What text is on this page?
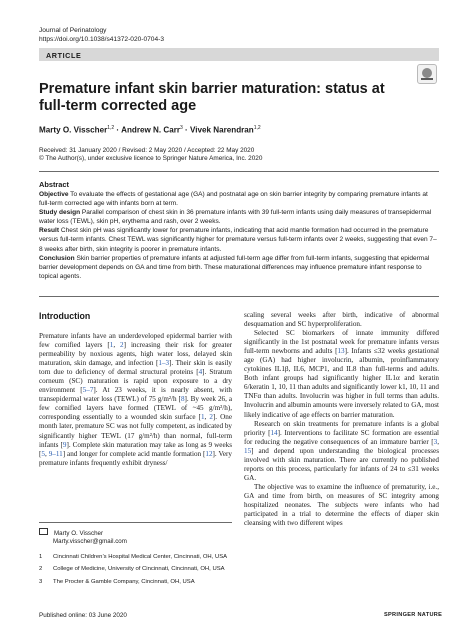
Journal of Perinatology
https://doi.org/10.1038/s41372-020-0704-3
ARTICLE
Premature infant skin barrier maturation: status at full-term corrected age
Marty O. Visscher$^{1,2}$ · Andrew N. Carr$^3$ · Vivek Narendran$^{1,2}$
Received: 31 January 2020 / Revised: 2 May 2020 / Accepted: 22 May 2020
© The Author(s), under exclusive licence to Springer Nature America, Inc. 2020
Abstract

Objective To evaluate the effects of gestational age (GA) and postnatal age on skin barrier integrity by comparing premature infants at full-term corrected age with infants born at term.

Study design Parallel comparison of chest skin in 36 premature infants with 39 full-term infants using daily measures of transepidermal water loss (TEWL), skin pH, erythema and rash, over 2 weeks.

Result Chest skin pH was significantly lower for premature infants, indicating that acid mantle formation had occurred in the premature versus full-term infants. Chest TEWL was significantly higher for premature versus full-term infants over 2 weeks, suggesting that even 7–8 weeks after birth, skin integrity is poorer in premature infants.

Conclusion Skin barrier properties of premature infants at adjusted full-term age differ from full-term infants, suggesting that epidermal barrier development depends on GA and time from birth. These maturational differences may influence premature infant response to topical agents.

Introduction

Premature infants have an underdeveloped epidermal barrier with few cornified layers [1, 2] increasing their risk for greater permeability by noxious agents, high water loss, delayed skin maturation, skin damage, and infection [1–3]. Their skin is easily torn due to deficiency of dermal structural proteins [4]. Stratum corneum (SC) maturation is rapid upon exposure to a dry environment [5–7]. At 23 weeks, it is nearly absent, with transepidermal water loss (TEWL) of 75 g/m²/h [8]. By week 26, a few cornified layers have formed (TEWL of ~45 g/m²/h), corresponding essentially to a wounded skin surface [1, 2]. One month later, premature SC was not fully competent, as indicated by significantly higher TEWL (17 g/m²/h) than normal, full-term infants [9]. Complete skin maturation may take as long as 9 weeks [5, 9–11] and longer for complete acid mantle formation [12]. Very premature infants frequently exhibit dryness/

scaling several weeks after birth, indicative of abnormal desquamation and SC hyperproliferation.

Selected SC biomarkers of innate immunity differed significantly in the 1st postnatal week for premature infants versus full-term newborns and adults [13]. Infants ≤32 weeks gestational age (GA) had higher involucrin, albumin, proinflammatory cytokines IL1β, IL6, MCP1, and IL8 than full-terms and adults. Both infant groups had significantly higher IL1α and keratin 6/keratin 1, 10, 11 than adults and significantly lower k1, 10, 11 and TNFα than adults. Involucrin was higher in full terms than adults. Involucrin and albumin amounts were inversely related to GA, most likely indicative of age effects on barrier maturation.

Research on skin treatments for premature infants is a global priority [14]. Interventions to facilitate SC formation are essential for reducing the negative consequences of an immature barrier [3, 15] and depend upon understanding the biological processes involved with skin maturation. There are currently no published reports on this process, particularly for infants of 24 to ≤31 weeks GA.

The objective was to examine the influence of prematurity, i.e., GA and time from birth, on measures of SC integrity among hospitalized neonates. The subjects were infants who had participated in a trial to determine the effects of diaper skin cleansing with two different wipes

Marty O. Visscher
Marty.visscher@gmail.com
1	Cincinnati Children’s Hospital Medical Center, Cincinnati, OH, USA
2	College of Medicine, University of Cincinnati, Cincinnati, OH, USA
3	The Procter & Gamble Company, Cincinnati, OH, USA
Published online: 03 June 2020	SPRINGER NATURE
